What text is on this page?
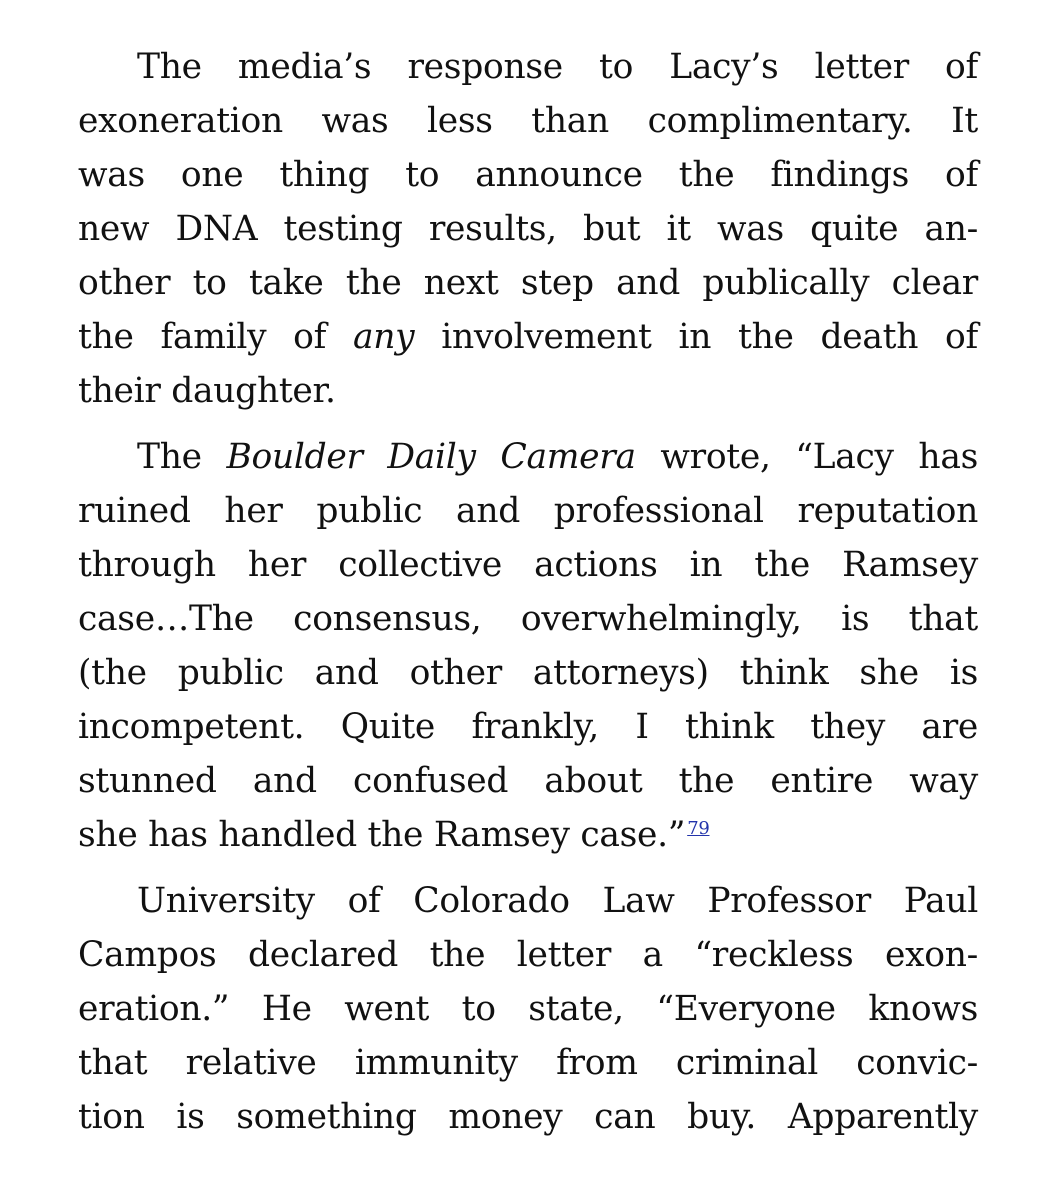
The media’s response to Lacy’s letter of
exoneration was less than complimentary. It
was one thing to announce the findings of
new DNA testing results, but it was quite an-
other to take the next step and publically clear
the family of any involvement in the death of
their daughter.
The Boulder Daily Camera wrote, “Lacy has
ruined her public and professional reputation
through her collective actions in the Ramsey
case…The consensus, overwhelmingly, is that
(the public and other attorneys) think she is
incompetent. Quite frankly, I think they are
stunned and confused about the entire way
she has handled the Ramsey case.” $^{79}$
University of Colorado Law Professor Paul
Campos declared the letter a “reckless exon-
eration.” He went to state, “Everyone knows
that relative immunity from criminal convic-
tion is something money can buy. Apparently
